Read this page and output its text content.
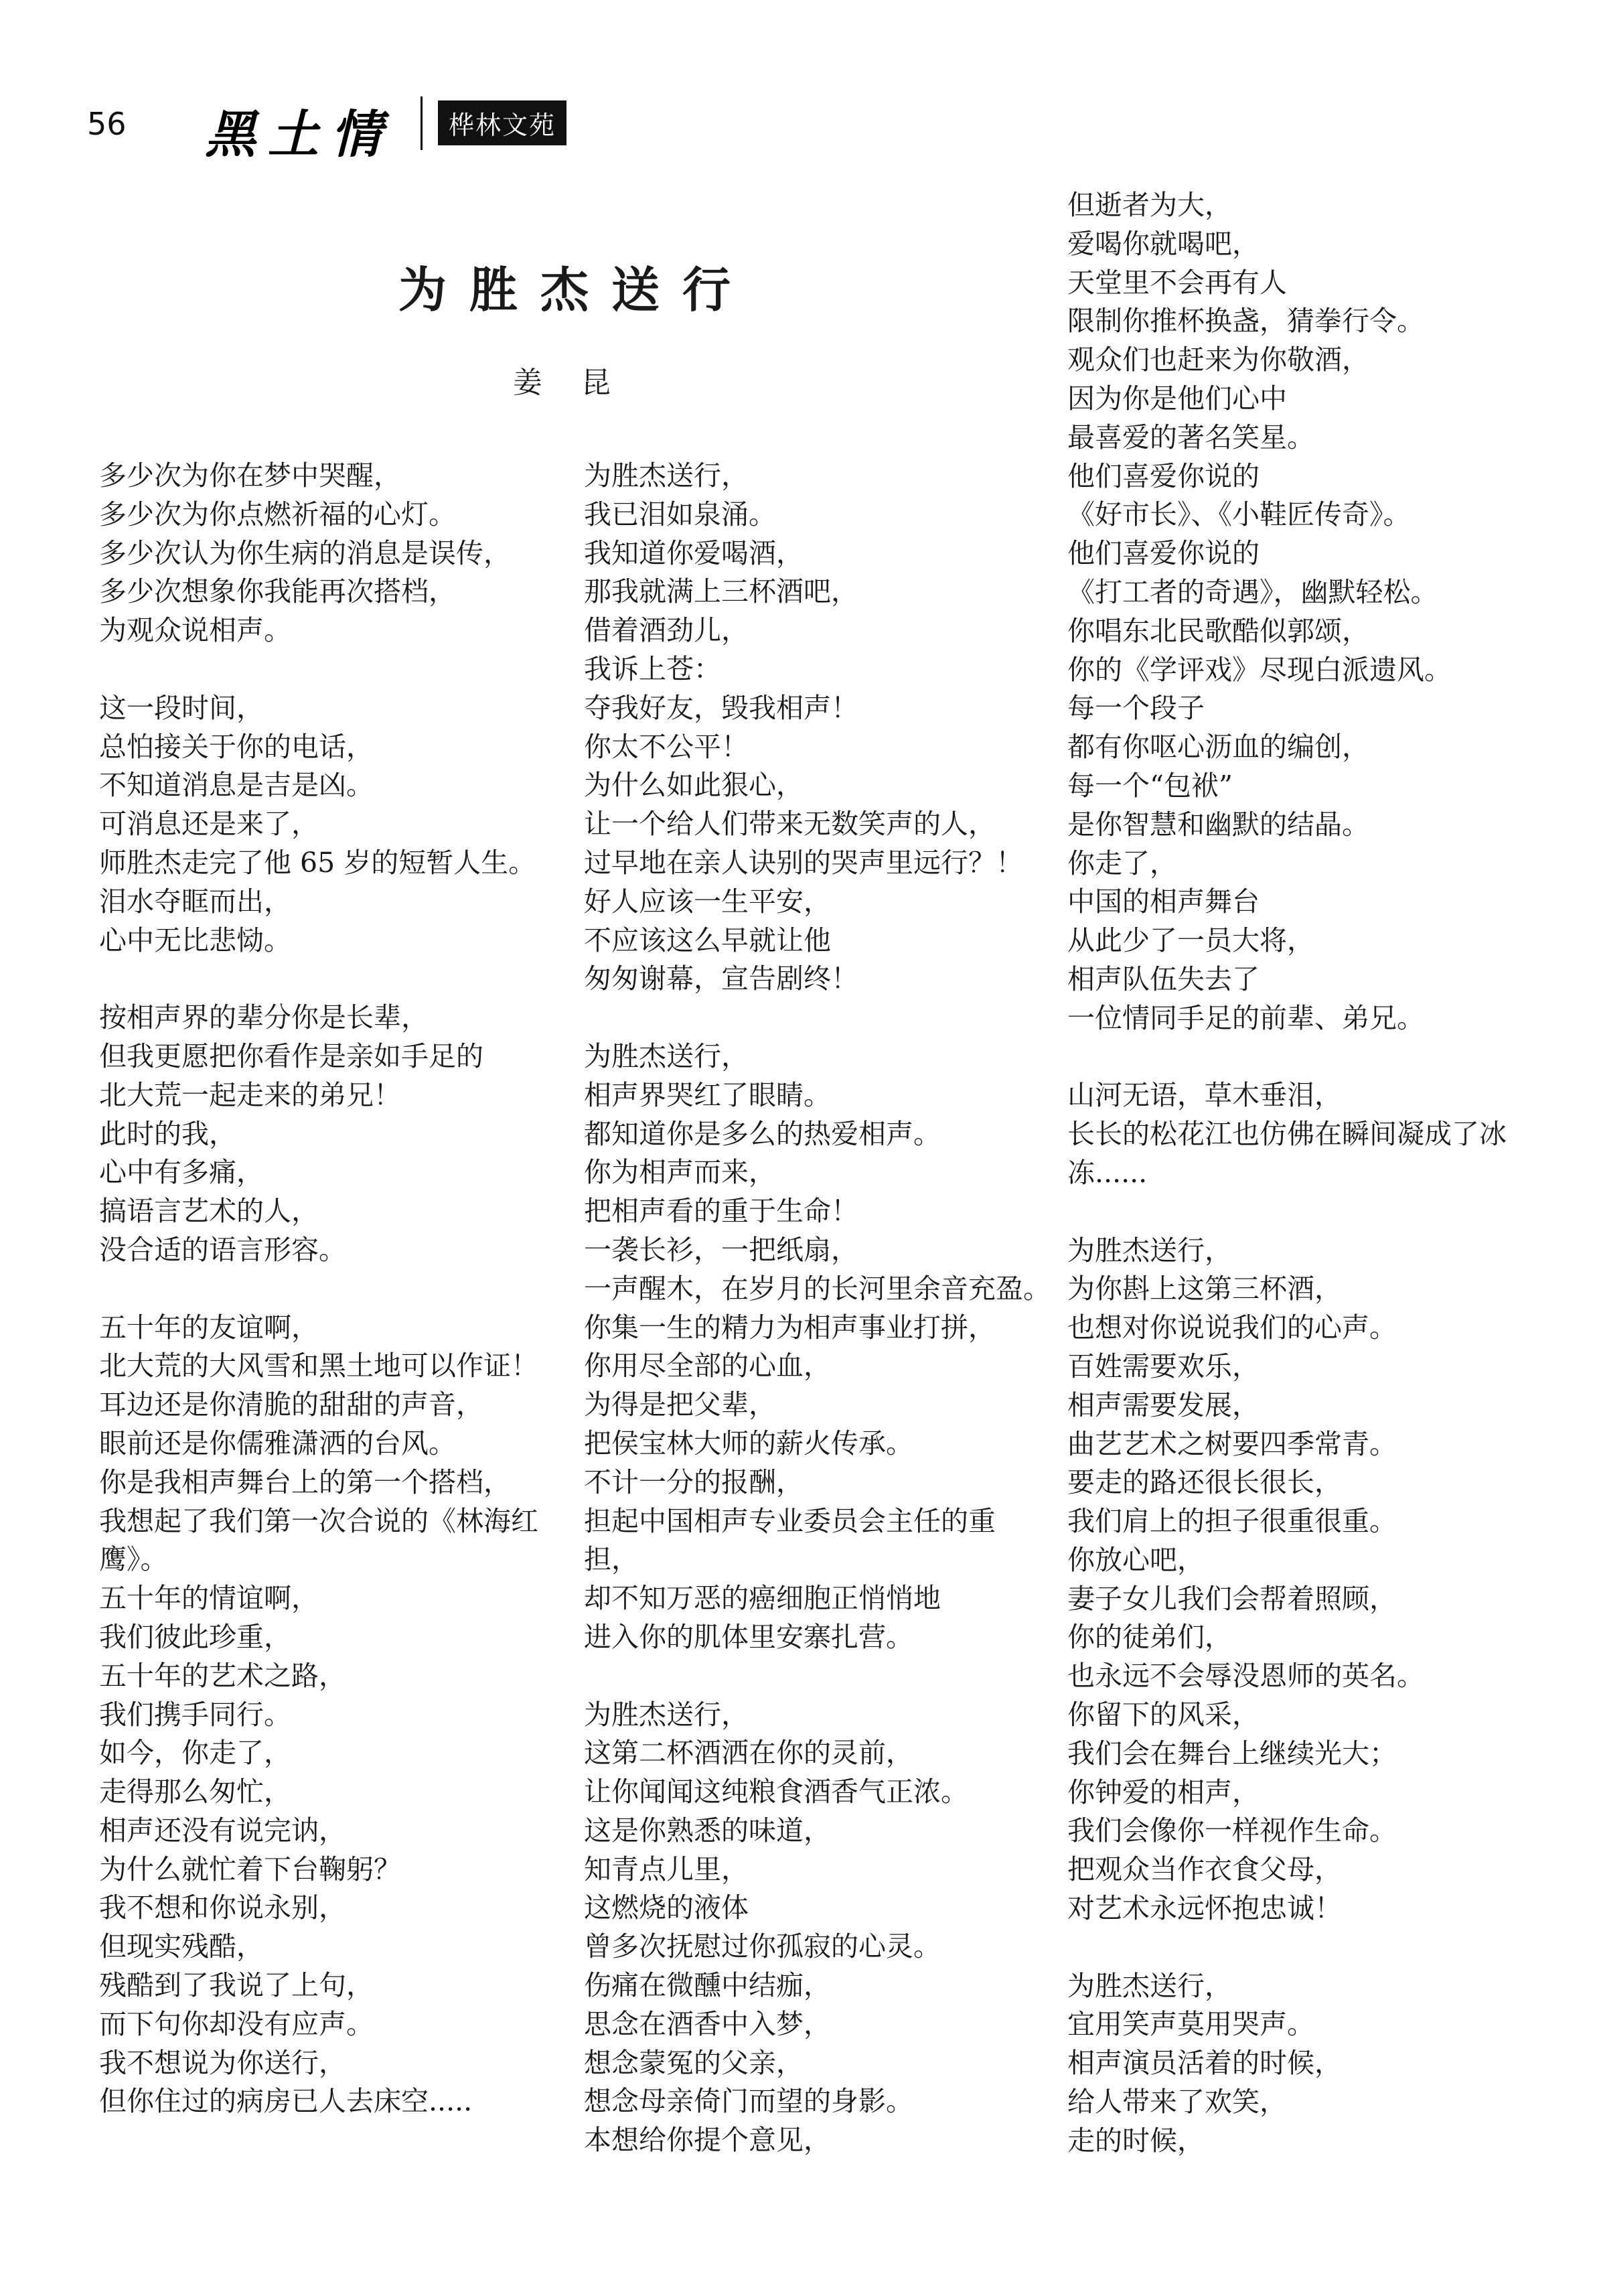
56 黑土情	桦林文苑
为胜杰送行
姜 昆
多少次为你在梦中哭醒，
多少次为你点燃祈福的心灯。
多少次认为你生病的消息是误传，
多少次想象你我能再次搭档，
为观众说相声。
这一段时间，
总怕接关于你的电话，
不知道消息是吉是凶。
可消息还是来了，
师胜杰走完了他 65 岁的短暂人生。
泪水夺眶而出，
心中无比悲恸。
按相声界的辈分你是长辈，
但我更愿把你看作是亲如手足的
北大荒一起走来的弟兄！
此时的我，
心中有多痛，
搞语言艺术的人，
没合适的语言形容。
五十年的友谊啊，
北大荒的大风雪和黑土地可以作证！
耳边还是你清脆的甜甜的声音，
眼前还是你儒雅潇洒的台风。
你是我相声舞台上的第一个搭档，
我想起了我们第一次合说的《林海红
鹰》。
五十年的情谊啊，
我们彼此珍重，
五十年的艺术之路，
我们携手同行。
如今，你走了，
走得那么匆忙，
相声还没有说完讷，
为什么就忙着下台鞠躬？
我不想和你说永别，
但现实残酷，
残酷到了我说了上句，
而下句你却没有应声。
我不想说为你送行，
但你住过的病房已人去床空.....
为胜杰送行，
我已泪如泉涌。
我知道你爱喝酒，
那我就满上三杯酒吧，
借着酒劲儿，
我诉上苍：
夺我好友，毁我相声！
你太不公平！
为什么如此狠心，
让一个给人们带来无数笑声的人，
过早地在亲人诀别的哭声里远行？！
好人应该一生平安，
不应该这么早就让他
匆匆谢幕，宣告剧终！
为胜杰送行，
相声界哭红了眼睛。
都知道你是多么的热爱相声。
你为相声而来，
把相声看的重于生命！
一袭长衫，一把纸扇，
一声醒木，在岁月的长河里余音充盈。
你集一生的精力为相声事业打拼，
你用尽全部的心血，
为得是把父辈，
把侯宝林大师的薪火传承。
不计一分的报酬，
担起中国相声专业委员会主任的重
担，
却不知万恶的癌细胞正悄悄地
进入你的肌体里安寨扎营。
为胜杰送行，
这第二杯酒洒在你的灵前，
让你闻闻这纯粮食酒香气正浓。
这是你熟悉的味道，
知青点儿里，
这燃烧的液体
曾多次抚慰过你孤寂的心灵。
伤痛在微醺中结痂，
思念在酒香中入梦，
想念蒙冤的父亲，
想念母亲倚门而望的身影。
本想给你提个意见，
但逝者为大，
爱喝你就喝吧，
天堂里不会再有人
限制你推杯换盏，猜拳行令。
观众们也赶来为你敬酒，
因为你是他们心中
最喜爱的著名笑星。
他们喜爱你说的
《好市长》、《小鞋匠传奇》。
他们喜爱你说的
《打工者的奇遇》，幽默轻松。
你唱东北民歌酷似郭颂，
你的《学评戏》尽现白派遗风。
每一个段子
都有你呕心沥血的编创，
每一个“包袱”
是你智慧和幽默的结晶。
你走了，
中国的相声舞台
从此少了一员大将，
相声队伍失去了
一位情同手足的前辈、弟兄。
山河无语，草木垂泪，
长长的松花江也仿佛在瞬间凝成了冰
冻......
为胜杰送行，
为你斟上这第三杯酒，
也想对你说说我们的心声。
百姓需要欢乐，
相声需要发展，
曲艺艺术之树要四季常青。
要走的路还很长很长，
我们肩上的担子很重很重。
你放心吧，
妻子女儿我们会帮着照顾，
你的徒弟们，
也永远不会辱没恩师的英名。
你留下的风采，
我们会在舞台上继续光大；
你钟爱的相声，
我们会像你一样视作生命。
把观众当作衣食父母，
对艺术永远怀抱忠诚！
为胜杰送行，
宜用笑声莫用哭声。
相声演员活着的时候，
给人带来了欢笑，
走的时候，
